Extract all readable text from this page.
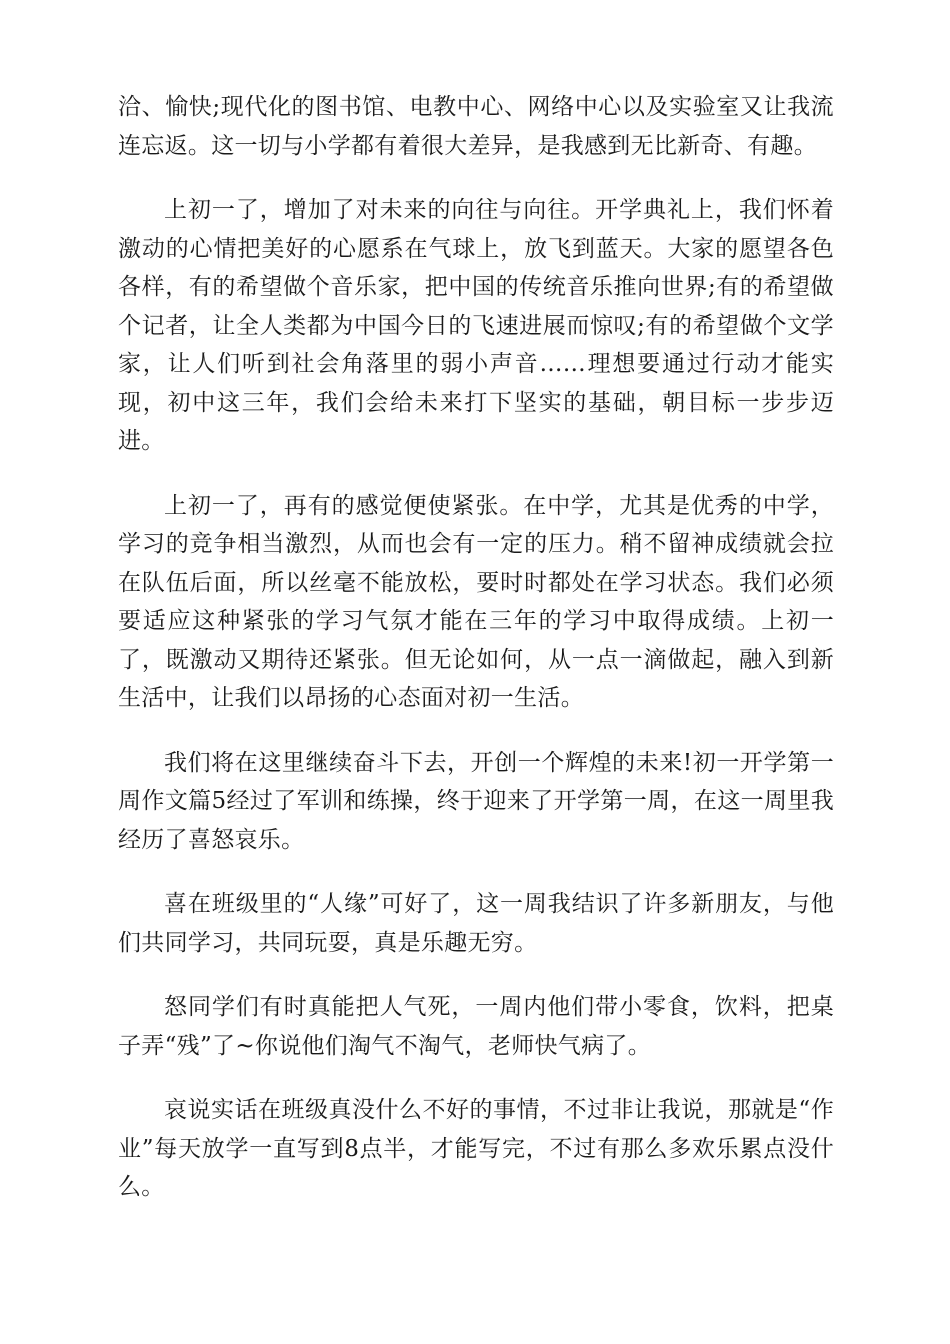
洽、愉快;现代化的图书馆、电教中心、网络中心以及实验室又让我流连忘返。这一切与小学都有着很大差异，是我感到无比新奇、有趣。

上初一了，增加了对未来的向往与向往。开学典礼上，我们怀着激动的心情把美好的心愿系在气球上，放飞到蓝天。大家的愿望各色各样，有的希望做个音乐家，把中国的传统音乐推向世界;有的希望做个记者，让全人类都为中国今日的飞速进展而惊叹;有的希望做个文学家，让人们听到社会角落里的弱小声音……理想要通过行动才能实现，初中这三年，我们会给未来打下坚实的基础，朝目标一步步迈进。

上初一了，再有的感觉便使紧张。在中学，尤其是优秀的中学，学习的竞争相当激烈，从而也会有一定的压力。稍不留神成绩就会拉在队伍后面，所以丝毫不能放松，要时时都处在学习状态。我们必须要适应这种紧张的学习气氛才能在三年的学习中取得成绩。上初一了，既激动又期待还紧张。但无论如何，从一点一滴做起，融入到新生活中，让我们以昂扬的心态面对初一生活。

我们将在这里继续奋斗下去，开创一个辉煌的未来!初一开学第一周作文篇5经过了军训和练操，终于迎来了开学第一周，在这一周里我经历了喜怒哀乐。

喜在班级里的“人缘”可好了，这一周我结识了许多新朋友，与他们共同学习，共同玩耍，真是乐趣无穷。

怒同学们有时真能把人气死，一周内他们带小零食，饮料，把桌子弄“残”了~你说他们淘气不淘气，老师快气病了。

哀说实话在班级真没什么不好的事情，不过非让我说，那就是“作业”每天放学一直写到8点半，才能写完，不过有那么多欢乐累点没什么。
